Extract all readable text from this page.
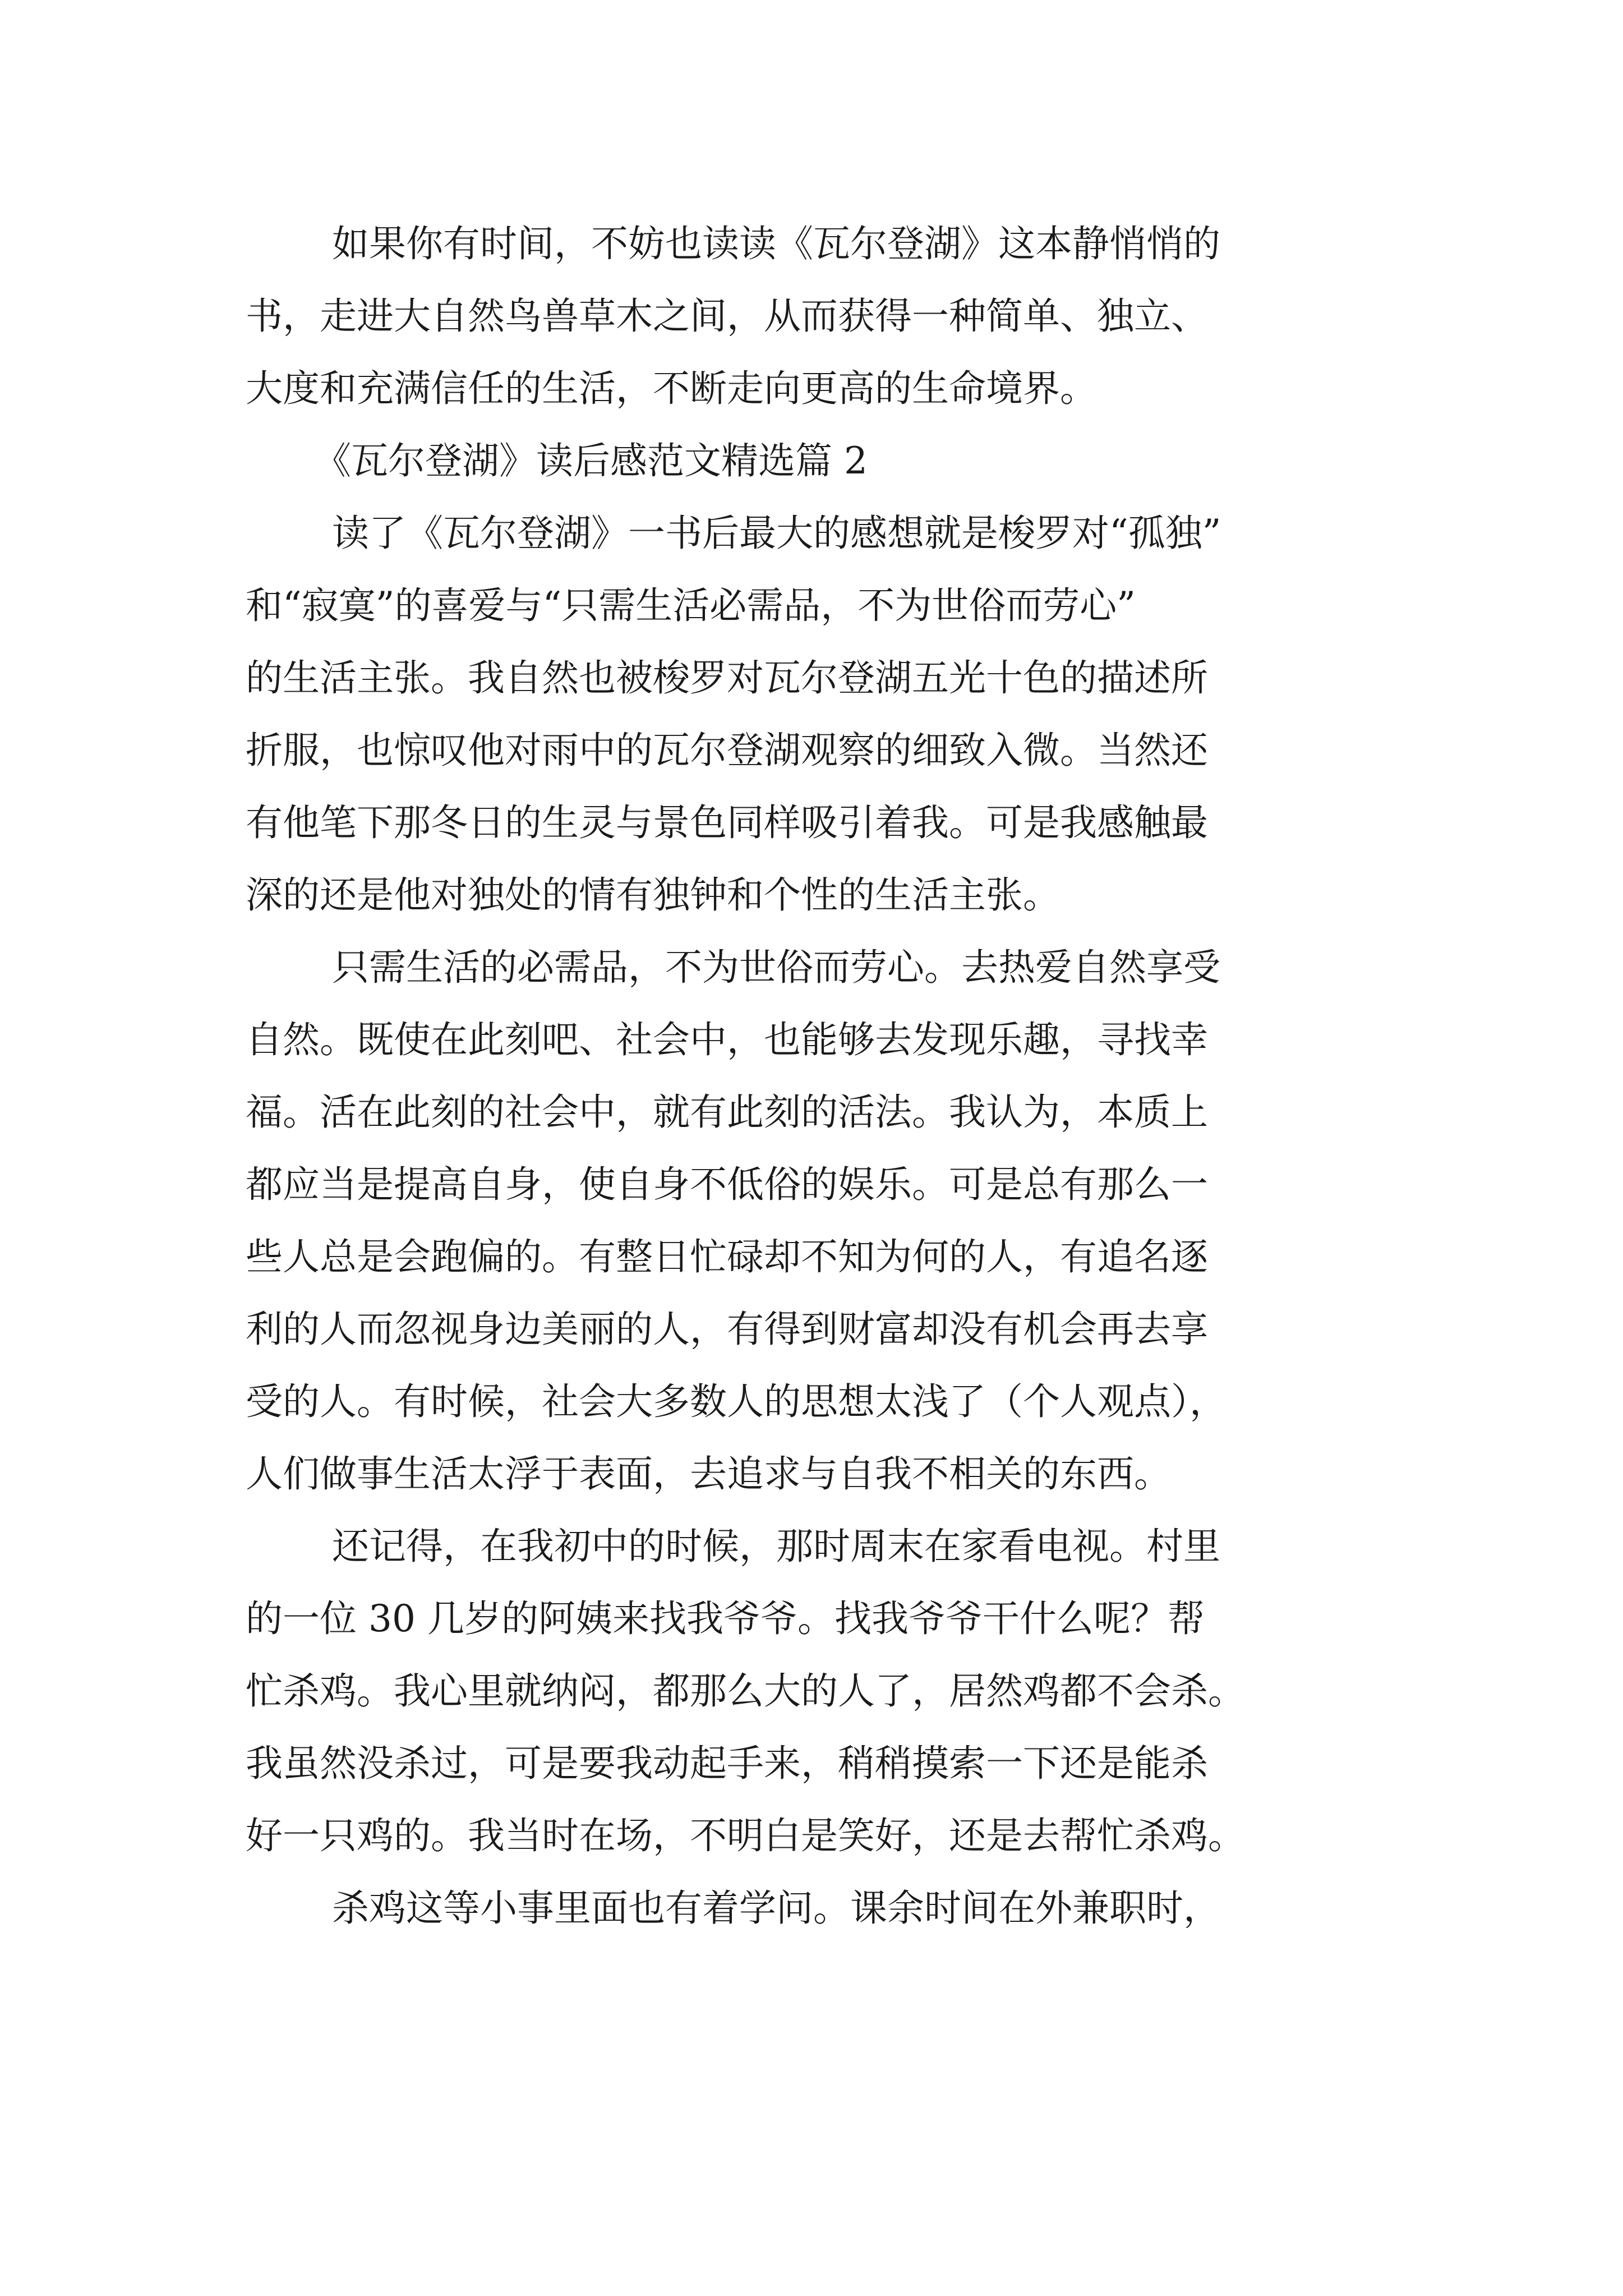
如果你有时间，不妨也读读《瓦尔登湖》这本静悄悄的
书，走进大自然鸟兽草木之间，从而获得一种简单、独立、
大度和充满信任的生活，不断走向更高的生命境界。
《瓦尔登湖》读后感范文精选篇 2
读了《瓦尔登湖》一书后最大的感想就是梭罗对“孤独”
和“寂寞”的喜爱与“只需生活必需品，不为世俗而劳心”
的生活主张。我自然也被梭罗对瓦尔登湖五光十色的描述所
折服，也惊叹他对雨中的瓦尔登湖观察的细致入微。当然还
有他笔下那冬日的生灵与景色同样吸引着我。可是我感触最
深的还是他对独处的情有独钟和个性的生活主张。
只需生活的必需品，不为世俗而劳心。去热爱自然享受
自然。既使在此刻吧、社会中，也能够去发现乐趣，寻找幸
福。活在此刻的社会中，就有此刻的活法。我认为，本质上
都应当是提高自身，使自身不低俗的娱乐。可是总有那么一
些人总是会跑偏的。有整日忙碌却不知为何的人，有追名逐
利的人而忽视身边美丽的人，有得到财富却没有机会再去享
受的人。有时候，社会大多数人的思想太浅了（个人观点），
人们做事生活太浮于表面，去追求与自我不相关的东西。
还记得，在我初中的时候，那时周末在家看电视。村里
的一位 30 几岁的阿姨来找我爷爷。找我爷爷干什么呢？帮
忙杀鸡。我心里就纳闷，都那么大的人了，居然鸡都不会杀。
我虽然没杀过，可是要我动起手来，稍稍摸索一下还是能杀
好一只鸡的。我当时在场，不明白是笑好，还是去帮忙杀鸡。
杀鸡这等小事里面也有着学问。课余时间在外兼职时，
